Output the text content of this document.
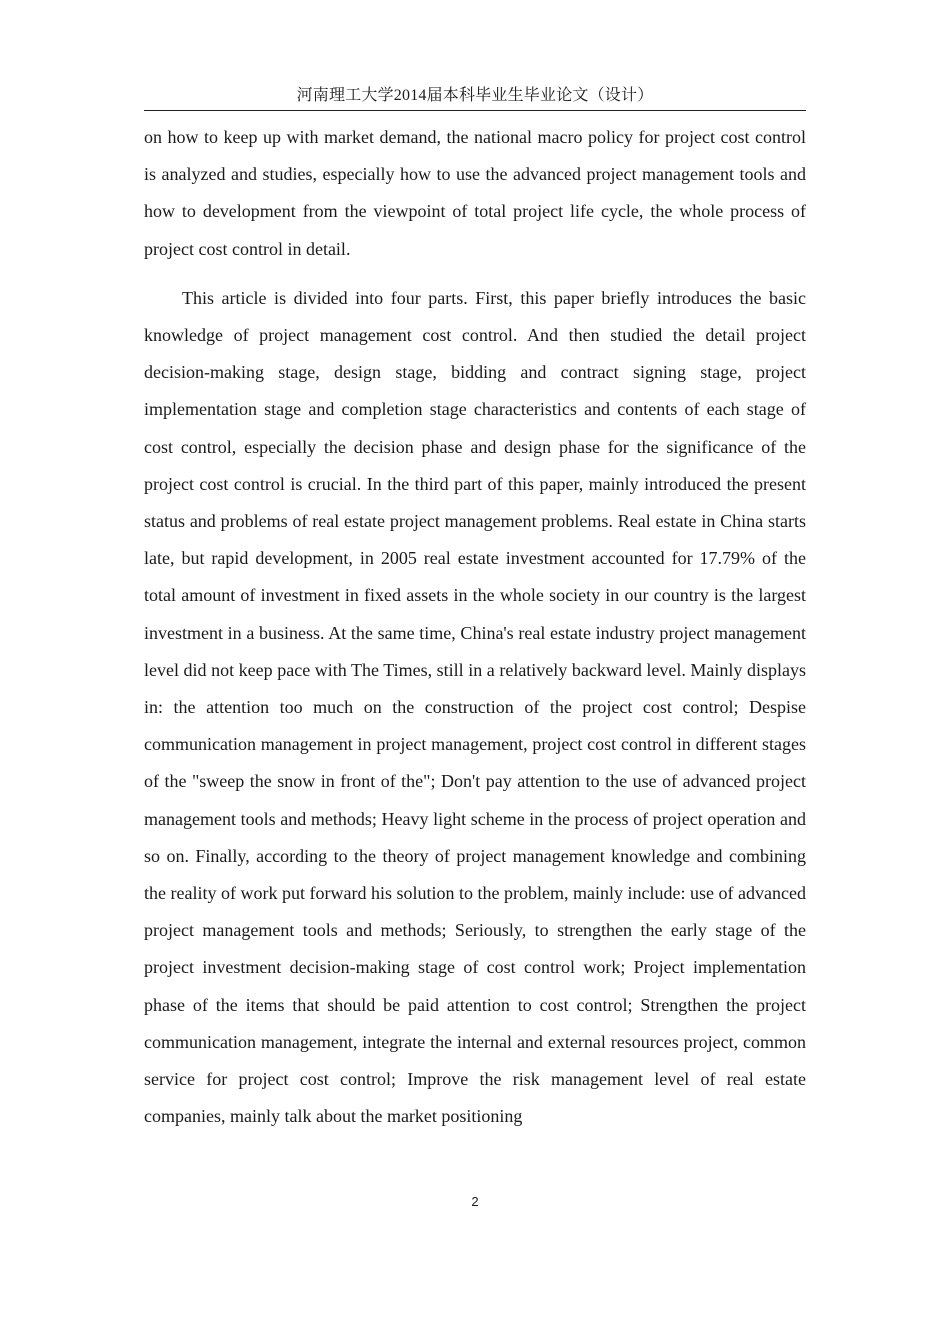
河南理工大学2014届本科毕业生毕业论文（设计）

on how to keep up with market demand, the national macro policy for project cost control is analyzed and studies, especially how to use the advanced project management tools and how to development from the viewpoint of total project life cycle, the whole process of project cost control in detail.

This article is divided into four parts. First, this paper briefly introduces the basic knowledge of project management cost control. And then studied the detail project decision-making stage, design stage, bidding and contract signing stage, project implementation stage and completion stage characteristics and contents of each stage of cost control, especially the decision phase and design phase for the significance of the project cost control is crucial. In the third part of this paper, mainly introduced the present status and problems of real estate project management problems. Real estate in China starts late, but rapid development, in 2005 real estate investment accounted for 17.79% of the total amount of investment in fixed assets in the whole society in our country is the largest investment in a business. At the same time, China's real estate industry project management level did not keep pace with The Times, still in a relatively backward level. Mainly displays in: the attention too much on the construction of the project cost control; Despise communication management in project management, project cost control in different stages of the "sweep the snow in front of the"; Don't pay attention to the use of advanced project management tools and methods; Heavy light scheme in the process of project operation and so on. Finally, according to the theory of project management knowledge and combining the reality of work put forward his solution to the problem, mainly include: use of advanced project management tools and methods; Seriously, to strengthen the early stage of the project investment decision-making stage of cost control work; Project implementation phase of the items that should be paid attention to cost control; Strengthen the project communication management, integrate the internal and external resources project, common service for project cost control; Improve the risk management level of real estate companies, mainly talk about the market positioning

2
